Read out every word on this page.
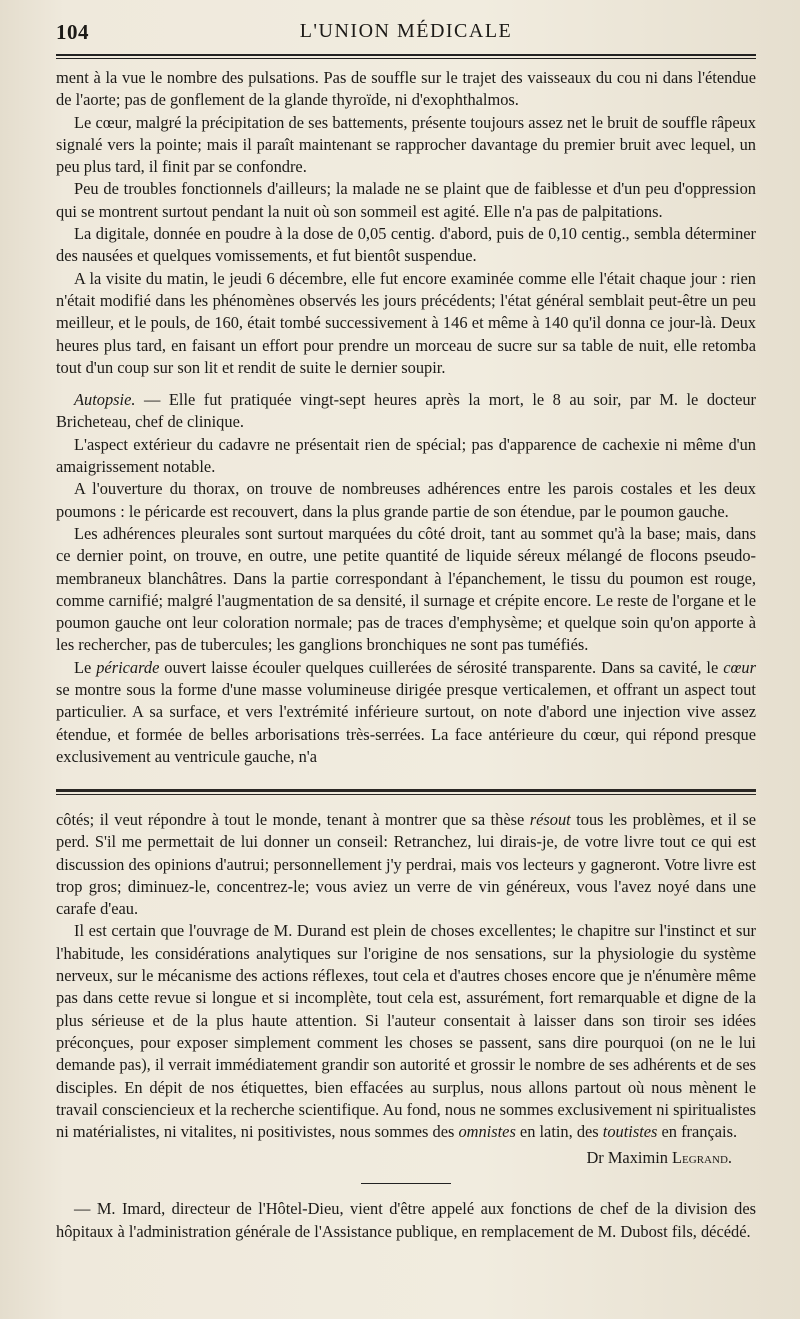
104	L'UNION MÉDICALE

ment à la vue le nombre des pulsations. Pas de souffle sur le trajet des vaisseaux du cou ni dans l'étendue de l'aorte; pas de gonflement de la glande thyroïde, ni d'exophthalmos.

Le cœur, malgré la précipitation de ses battements, présente toujours assez net le bruit de souffle râpeux signalé vers la pointe; mais il paraît maintenant se rapprocher davantage du premier bruit avec lequel, un peu plus tard, il finit par se confondre.

Peu de troubles fonctionnels d'ailleurs; la malade ne se plaint que de faiblesse et d'un peu d'oppression qui se montrent surtout pendant la nuit où son sommeil est agité. Elle n'a pas de palpitations.

La digitale, donnée en poudre à la dose de 0,05 centig. d'abord, puis de 0,10 centig., sembla déterminer des nausées et quelques vomissements, et fut bientôt suspendue.

A la visite du matin, le jeudi 6 décembre, elle fut encore examinée comme elle l'était chaque jour : rien n'était modifié dans les phénomènes observés les jours précédents; l'état général semblait peut-être un peu meilleur, et le pouls, de 160, était tombé successivement à 146 et même à 140 qu'il donna ce jour-là. Deux heures plus tard, en faisant un effort pour prendre un morceau de sucre sur sa table de nuit, elle retomba tout d'un coup sur son lit et rendit de suite le dernier soupir.

Autopsie. — Elle fut pratiquée vingt-sept heures après la mort, le 8 au soir, par M. le docteur Bricheteau, chef de clinique.

L'aspect extérieur du cadavre ne présentait rien de spécial; pas d'apparence de cachexie ni même d'un amaigrissement notable.

A l'ouverture du thorax, on trouve de nombreuses adhérences entre les parois costales et les deux poumons : le péricarde est recouvert, dans la plus grande partie de son étendue, par le poumon gauche.

Les adhérences pleurales sont surtout marquées du côté droit, tant au sommet qu'à la base; mais, dans ce dernier point, on trouve, en outre, une petite quantité de liquide séreux mélangé de flocons pseudo-membraneux blanchâtres. Dans la partie correspondant à l'épanchement, le tissu du poumon est rouge, comme carnifié; malgré l'augmentation de sa densité, il surnage et crépite encore. Le reste de l'organe et le poumon gauche ont leur coloration normale; pas de traces d'emphysème; et quelque soin qu'on apporte à les rechercher, pas de tubercules; les ganglions bronchiques ne sont pas tuméfiés.

Le péricarde ouvert laisse écouler quelques cuillerées de sérosité transparente. Dans sa cavité, le cœur se montre sous la forme d'une masse volumineuse dirigée presque verticalemen, et offrant un aspect tout particulier. A sa surface, et vers l'extrémité inférieure surtout, on note d'abord une injection vive assez étendue, et formée de belles arborisations très-serrées. La face antérieure du cœur, qui répond presque exclusivement au ventricule gauche, n'a

côtés; il veut répondre à tout le monde, tenant à montrer que sa thèse résout tous les problèmes, et il se perd. S'il me permettait de lui donner un conseil: Retranchez, lui dirais-je, de votre livre tout ce qui est discussion des opinions d'autrui; personnellement j'y perdrai, mais vos lecteurs y gagneront. Votre livre est trop gros; diminuez-le, concentrez-le; vous aviez un verre de vin généreux, vous l'avez noyé dans une carafe d'eau.

Il est certain que l'ouvrage de M. Durand est plein de choses excellentes; le chapitre sur l'instinct et sur l'habitude, les considérations analytiques sur l'origine de nos sensations, sur la physiologie du système nerveux, sur le mécanisme des actions réflexes, tout cela et d'autres choses encore que je n'énumère même pas dans cette revue si longue et si incomplète, tout cela est, assurément, fort remarquable et digne de la plus sérieuse et de la plus haute attention. Si l'auteur consentait à laisser dans son tiroir ses idées préconçues, pour exposer simplement comment les choses se passent, sans dire pourquoi (on ne le lui demande pas), il verrait immédiatement grandir son autorité et grossir le nombre de ses adhérents et de ses disciples. En dépit de nos étiquettes, bien effacées au surplus, nous allons partout où nous mènent le travail consciencieux et la recherche scientifique. Au fond, nous ne sommes exclusivement ni spiritualistes ni matérialistes, ni vitalites, ni positivistes, nous sommes des omnistes en latin, des toutistes en français.

Dr Maximin Legrand.

— M. Imard, directeur de l'Hôtel-Dieu, vient d'être appelé aux fonctions de chef de la division des hôpitaux à l'administration générale de l'Assistance publique, en remplacement de M. Dubost fils, décédé.
